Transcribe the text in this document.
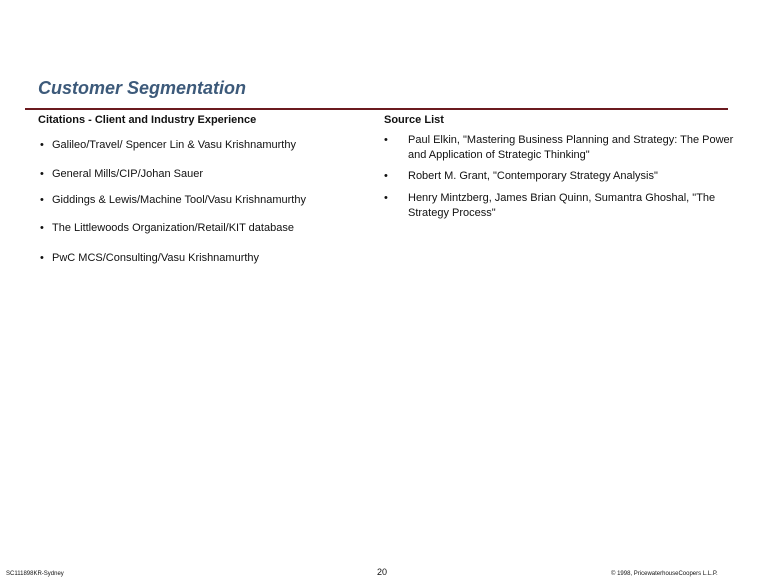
Customer Segmentation
Citations - Client and Industry Experience	Source List
• Galileo/Travel/ Spencer Lin & Vasu Krishnamurthy
• General Mills/CIP/Johan Sauer
• Giddings & Lewis/Machine Tool/Vasu Krishnamurthy
• The Littlewoods Organization/Retail/KIT database
• PwC MCS/Consulting/Vasu Krishnamurthy
• Paul Elkin, "Mastering Business Planning and Strategy: The Power and Application of Strategic Thinking"
• Robert M. Grant, "Contemporary Strategy Analysis"
• Henry Mintzberg, James Brian Quinn, Sumantra Ghoshal, "The Strategy Process"
SC111898KR-Sydney	20	© 1998, PricewaterhouseCoopers L.L.P.
